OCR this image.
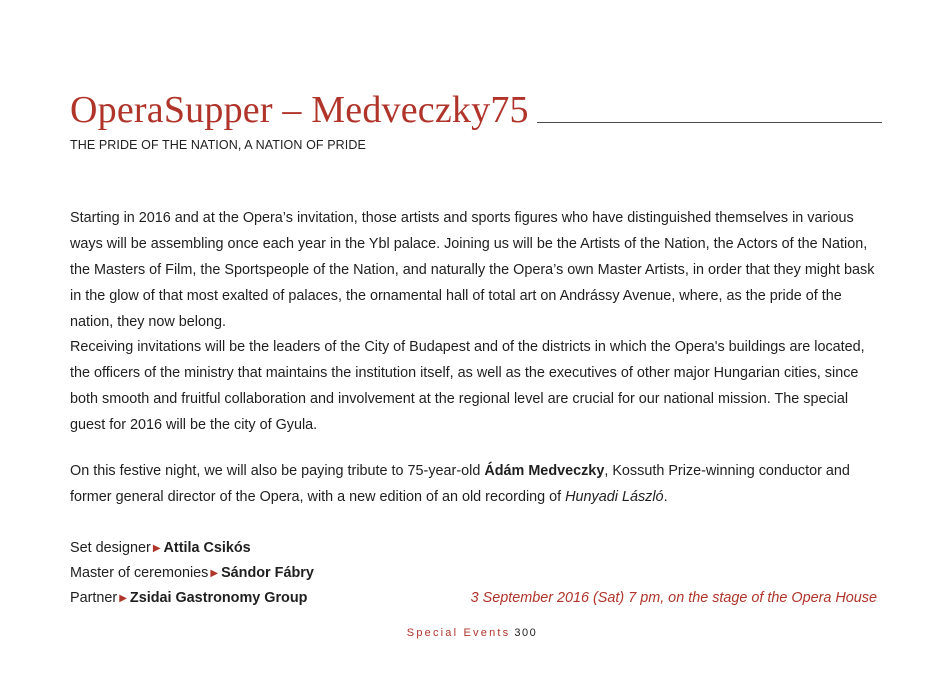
OperaSupper – Medveczky75
THE PRIDE OF THE NATION, A NATION OF PRIDE

Starting in 2016 and at the Opera’s invitation, those artists and sports figures who have distinguished themselves in various ways will be assembling once each year in the Ybl palace. Joining us will be the Artists of the Nation, the Actors of the Nation, the Masters of Film, the Sportspeople of the Nation, and naturally the Opera’s own Master Artists, in order that they might bask in the glow of that most exalted of palaces, the ornamental hall of total art on Andrássy Avenue, where, as the pride of the nation, they now belong.

Receiving invitations will be the leaders of the City of Budapest and of the districts in which the Opera's buildings are located, the officers of the ministry that maintains the institution itself, as well as the executives of other major Hungarian cities, since both smooth and fruitful collaboration and involvement at the regional level are crucial for our national mission. The special guest for 2016 will be the city of Gyula.

On this festive night, we will also be paying tribute to 75-year-old Ádám Medveczky, Kossuth Prize-winning conductor and former general director of the Opera, with a new edition of an old recording of Hunyadi László.

Set designer ▶ Attila Csikós
Master of ceremonies ▶ Sándor Fábry
Partner ▶ Zsidai Gastronomy Group	3 September 2016 (Sat) 7 pm, on the stage of the Opera House
Special Events 300
